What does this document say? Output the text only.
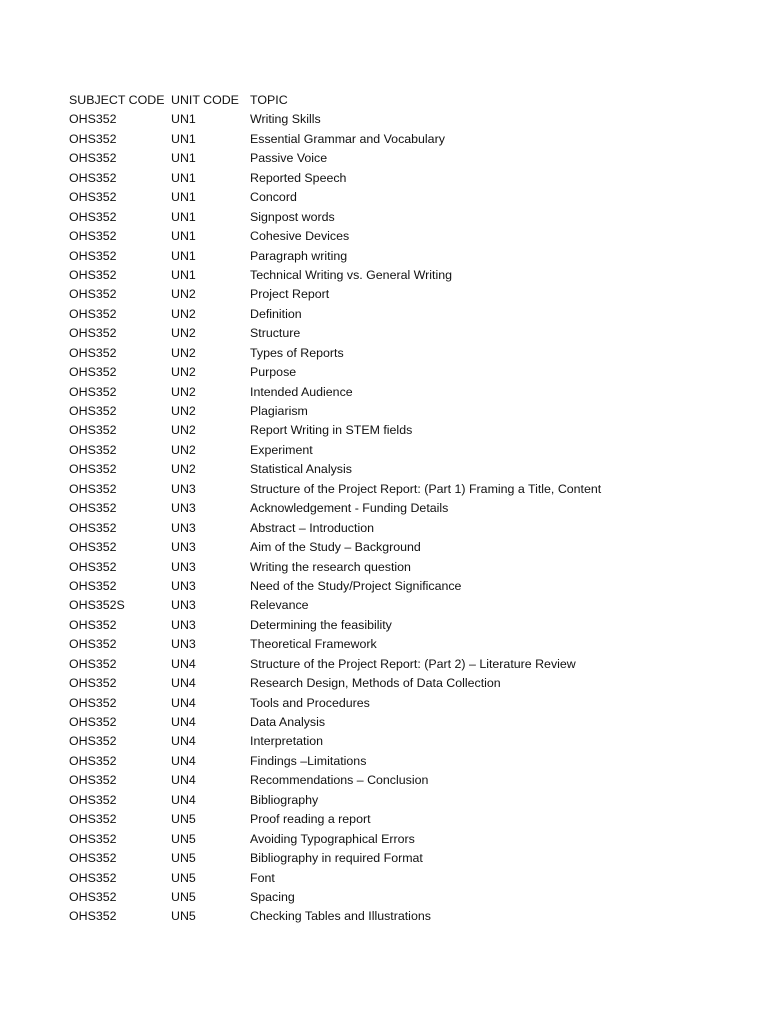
SUBJECT CODE UNIT CODE TOPIC
OHS352	UN1	Writing Skills
OHS352	UN1	Essential Grammar and Vocabulary
OHS352	UN1	Passive Voice
OHS352	UN1	Reported Speech
OHS352	UN1	Concord
OHS352	UN1	Signpost words
OHS352	UN1	Cohesive Devices
OHS352	UN1	Paragraph writing
OHS352	UN1	Technical Writing vs. General Writing
OHS352	UN2	Project Report
OHS352	UN2	Definition
OHS352	UN2	Structure
OHS352	UN2	Types of Reports
OHS352	UN2	Purpose
OHS352	UN2	Intended Audience
OHS352	UN2	Plagiarism
OHS352	UN2	Report Writing in STEM fields
OHS352	UN2	Experiment
OHS352	UN2	Statistical Analysis
OHS352	UN3	Structure of the Project Report: (Part 1) Framing a Title, Content
OHS352	UN3	Acknowledgement - Funding Details
OHS352	UN3	Abstract – Introduction
OHS352	UN3	Aim of the Study – Background
OHS352	UN3	Writing the research question
OHS352	UN3	Need of the Study/Project Significance
OHS352S	UN3	Relevance
OHS352	UN3	Determining the feasibility
OHS352	UN3	Theoretical Framework
OHS352	UN4	Structure of the Project Report: (Part 2) – Literature Review
OHS352	UN4	Research Design, Methods of Data Collection
OHS352	UN4	Tools and Procedures
OHS352	UN4	Data Analysis
OHS352	UN4	Interpretation
OHS352	UN4	Findings –Limitations
OHS352	UN4	Recommendations – Conclusion
OHS352	UN4	Bibliography
OHS352	UN5	Proof reading a report
OHS352	UN5	Avoiding Typographical Errors
OHS352	UN5	Bibliography in required Format
OHS352	UN5	Font
OHS352	UN5	Spacing
OHS352	UN5	Checking Tables and Illustrations
